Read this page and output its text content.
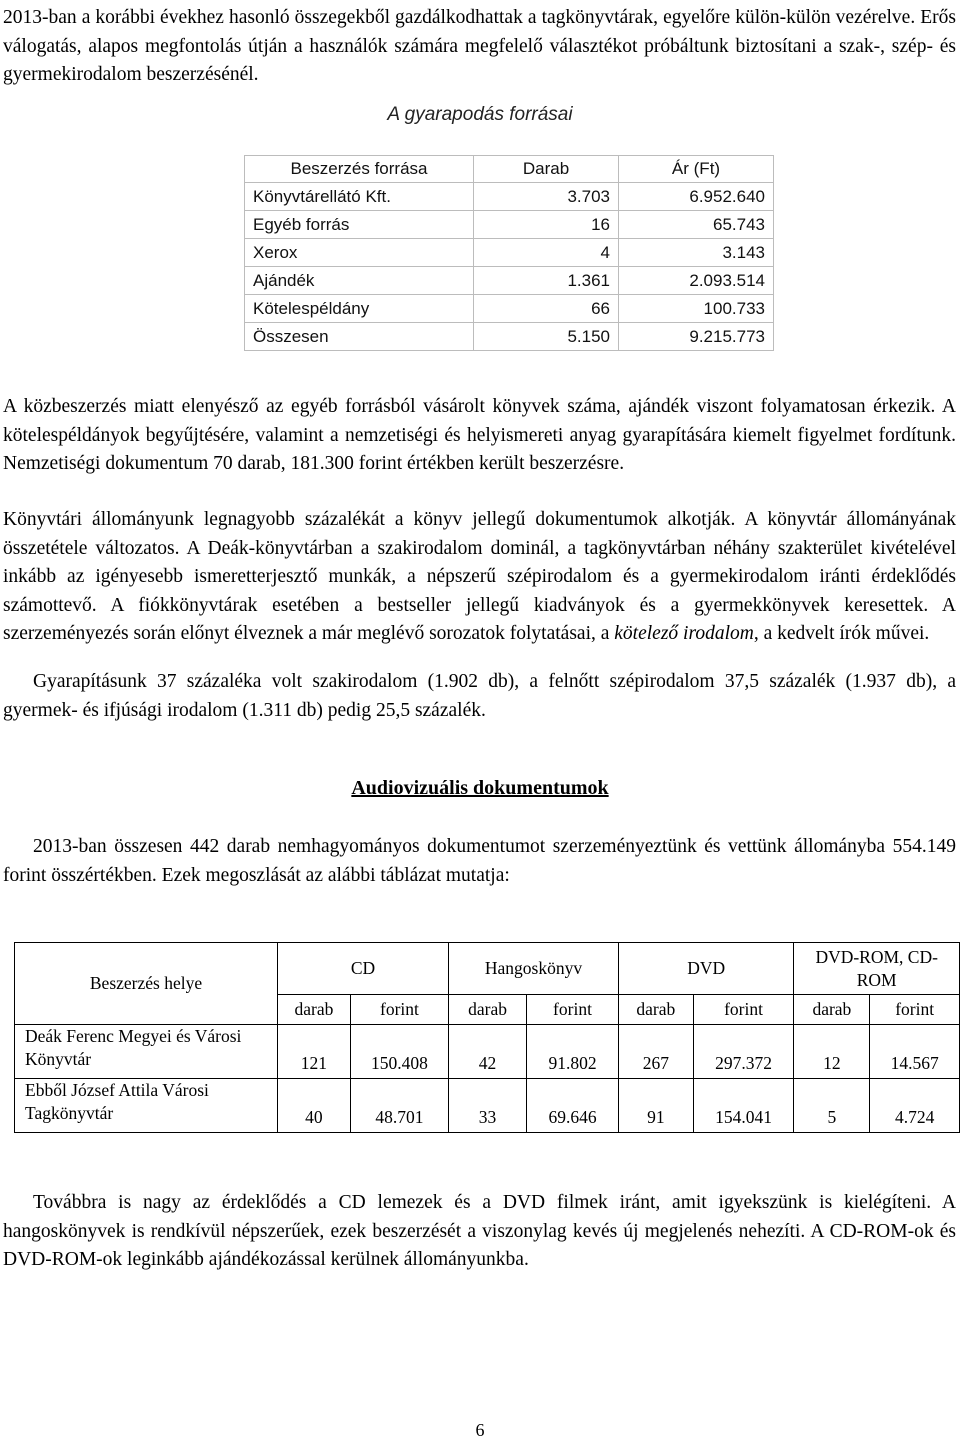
2013-ban a korábbi évekhez hasonló összegekből gazdálkodhattak a tagkönyvtárak, egyelőre külön-külön vezérelve. Erős válogatás, alapos megfontolás útján a használók számára megfelelő választékot próbáltunk biztosítani a szak-, szép- és gyermekirodalom beszerzésénél.

A gyarapodás forrásai
Beszerzés forrása	Darab	Ár (Ft)
Könyvtárellátó Kft.	3.703	6.952.640
Egyéb forrás	16	65.743
Xerox	4	3.143
Ajándék	1.361	2.093.514
Kötelespéldány	66	100.733
Összesen	5.150	9.215.773

A közbeszerzés miatt elenyésző az egyéb forrásból vásárolt könyvek száma, ajándék viszont folyamatosan érkezik. A kötelespéldányok begyűjtésére, valamint a nemzetiségi és helyismereti anyag gyarapítására kiemelt figyelmet fordítunk. Nemzetiségi dokumentum 70 darab, 181.300 forint értékben került beszerzésre.

Könyvtári állományunk legnagyobb százalékát a könyv jellegű dokumentumok alkotják. A könyvtár állományának összetétele változatos. A Deák-könyvtárban a szakirodalom dominál, a tagkönyvtárban néhány szakterület kivételével inkább az igényesebb ismeretterjesztő munkák, a népszerű szépirodalom és a gyermekirodalom iránti érdeklődés számottevő. A fiókkönyvtárak esetében a bestseller jellegű kiadványok és a gyermekkönyvek keresettek. A szerzeményezés során előnyt élveznek a már meglévő sorozatok folytatásai, a kötelező irodalom, a kedvelt írók művei.

Gyarapításunk 37 százaléka volt szakirodalom (1.902 db), a felnőtt szépirodalom 37,5 százalék (1.937 db), a gyermek- és ifjúsági irodalom (1.311 db) pedig 25,5 százalék.

Audiovizuális dokumentumok

2013-ban összesen 442 darab nemhagyományos dokumentumot szerzeményeztünk és vettünk állományba 554.149 forint összértékben. Ezek megoszlását az alábbi táblázat mutatja:

Beszerzés helye	CD		Hangoskönyv		DVD		DVD-ROM, CD-ROM	
	darab	forint	darab	forint	darab	forint	darab	forint
Deák Ferenc Megyei és Városi Könyvtár	121	150.408	42	91.802	267	297.372	12	14.567
Ebből József Attila Városi Tagkönyvtár	40	48.701	33	69.646	91	154.041	5	4.724

Továbbra is nagy az érdeklődés a CD lemezek és a DVD filmek iránt, amit igyekszünk is kielégíteni. A hangoskönyvek is rendkívül népszerűek, ezek beszerzését a viszonylag kevés új megjelenés nehezíti. A CD-ROM-ok és DVD-ROM-ok leginkább ajándékozással kerülnek állományunkba.

6
